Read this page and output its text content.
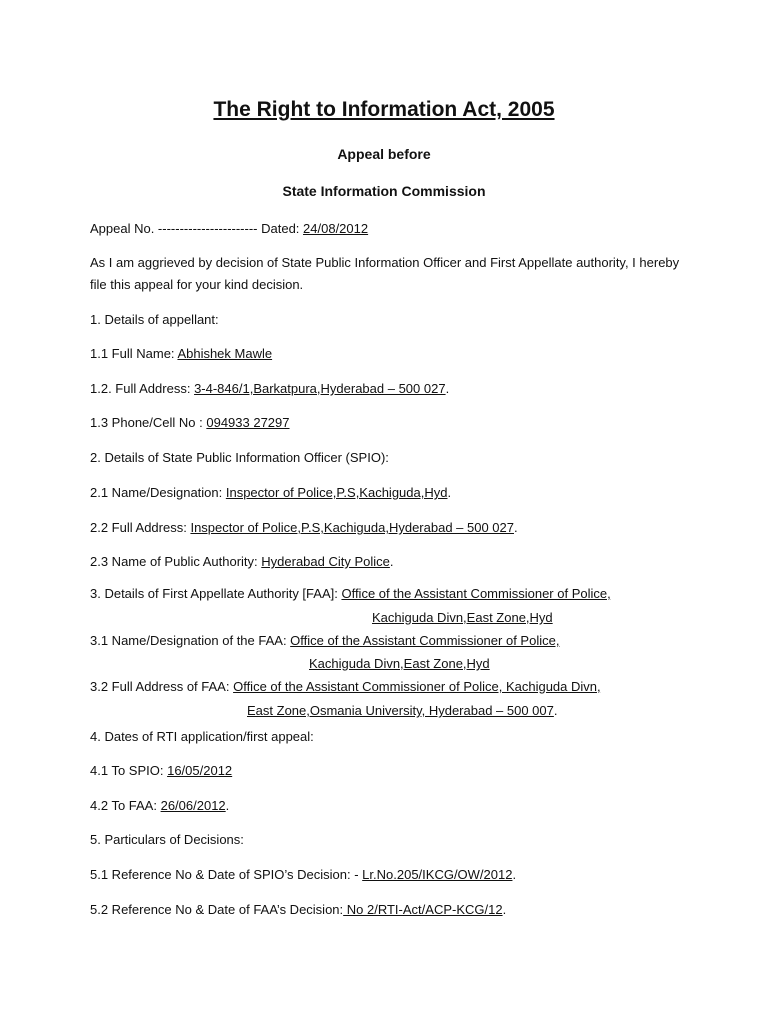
The Right to Information Act, 2005
Appeal before
State Information Commission
Appeal No. ----------------------- Dated: 24/08/2012
As I am aggrieved by decision of State Public Information Officer and First Appellate authority, I hereby file this appeal for your kind decision.
1. Details of appellant:
1.1 Full Name: Abhishek Mawle
1.2. Full Address: 3-4-846/1,Barkatpura,Hyderabad – 500 027.
1.3 Phone/Cell No : 094933 27297
2. Details of State Public Information Officer (SPIO):
2.1 Name/Designation: Inspector of Police,P.S,Kachiguda,Hyd.
2.2 Full Address: Inspector of Police,P.S,Kachiguda,Hyderabad – 500 027.
2.3 Name of Public Authority: Hyderabad City Police.
3. Details of First Appellate Authority [FAA]: Office of the Assistant Commissioner of Police,
Kachiguda Divn,East Zone,Hyd
3.1 Name/Designation of the FAA: Office of the Assistant Commissioner of Police,
Kachiguda Divn,East Zone,Hyd
3.2 Full Address of FAA: Office of the Assistant Commissioner of Police, Kachiguda Divn,
East Zone,Osmania University, Hyderabad – 500 007.
4. Dates of RTI application/first appeal:
4.1 To SPIO: 16/05/2012
4.2 To FAA: 26/06/2012.
5. Particulars of Decisions:
5.1 Reference No & Date of SPIO’s Decision: - Lr.No.205/IKCG/OW/2012.
5.2 Reference No & Date of FAA’s Decision: No 2/RTI-Act/ACP-KCG/12.
